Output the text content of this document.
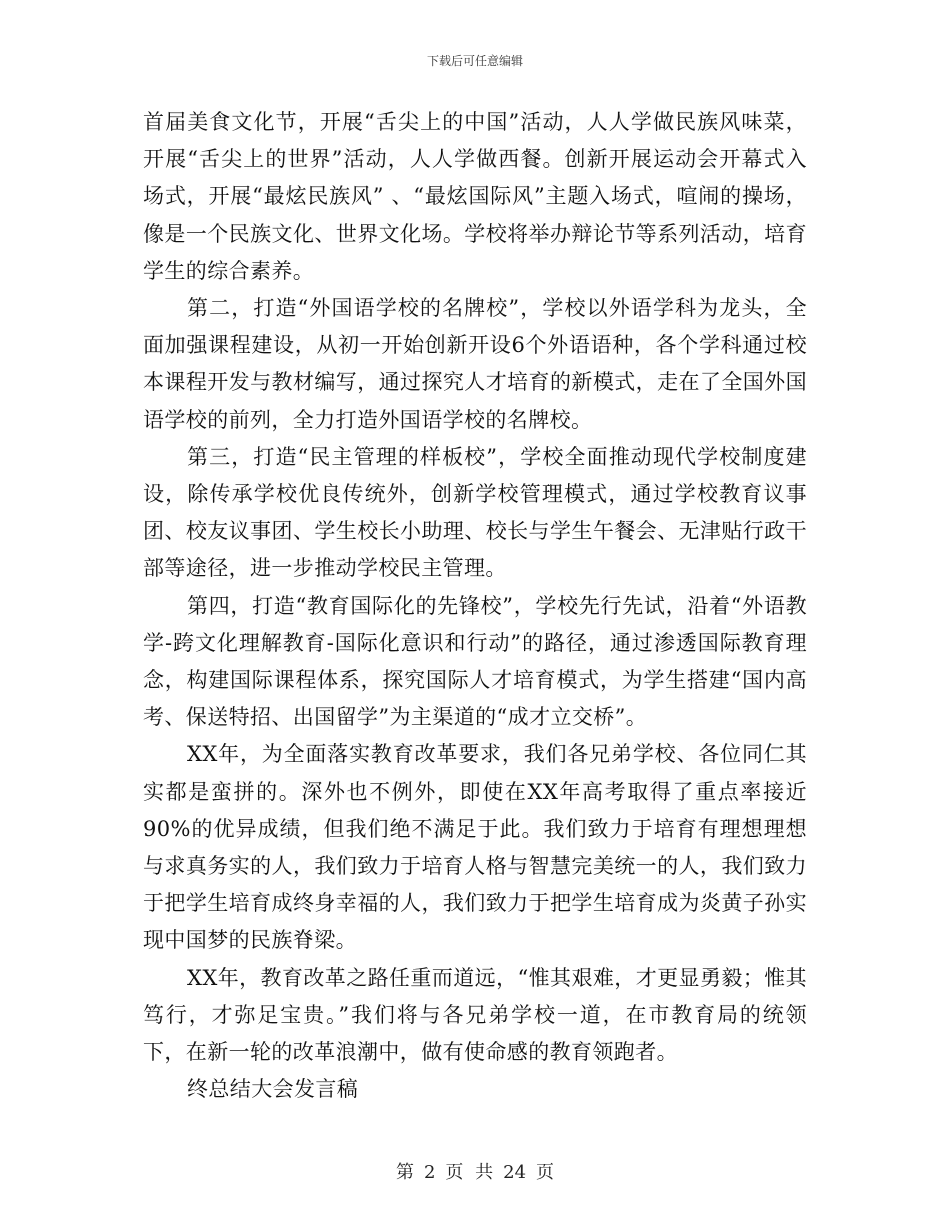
下载后可任意编辑

首届美食文化节，开展“舌尖上的中国”活动，人人学做民族风味菜，开展“舌尖上的世界”活动，人人学做西餐。创新开展运动会开幕式入场式，开展“最炫民族风” 、“最炫国际风”主题入场式，喧闹的操场，像是一个民族文化、世界文化场。学校将举办辩论节等系列活动，培育学生的综合素养。

第二，打造“外国语学校的名牌校”，学校以外语学科为龙头，全面加强课程建设，从初一开始创新开设6个外语语种，各个学科通过校本课程开发与教材编写，通过探究人才培育的新模式，走在了全国外国语学校的前列，全力打造外国语学校的名牌校。

第三，打造“民主管理的样板校”，学校全面推动现代学校制度建设，除传承学校优良传统外，创新学校管理模式，通过学校教育议事团、校友议事团、学生校长小助理、校长与学生午餐会、无津贴行政干部等途径，进一步推动学校民主管理。

第四，打造“教育国际化的先锋校”，学校先行先试，沿着“外语教学-跨文化理解教育-国际化意识和行动”的路径，通过渗透国际教育理念，构建国际课程体系，探究国际人才培育模式，为学生搭建“国内高考、保送特招、出国留学”为主渠道的“成才立交桥”。

XX年，为全面落实教育改革要求，我们各兄弟学校、各位同仁其实都是蛮拼的。深外也不例外，即使在XX年高考取得了重点率接近90%的优异成绩，但我们绝不满足于此。我们致力于培育有理想理想与求真务实的人，我们致力于培育人格与智慧完美统一的人，我们致力于把学生培育成终身幸福的人，我们致力于把学生培育成为炎黄子孙实现中国梦的民族脊梁。

XX年，教育改革之路任重而道远，“惟其艰难，才更显勇毅；惟其笃行，才弥足宝贵。”我们将与各兄弟学校一道，在市教育局的统领下，在新一轮的改革浪潮中，做有使命感的教育领跑者。

终总结大会发言稿

第 2 页 共 24 页
